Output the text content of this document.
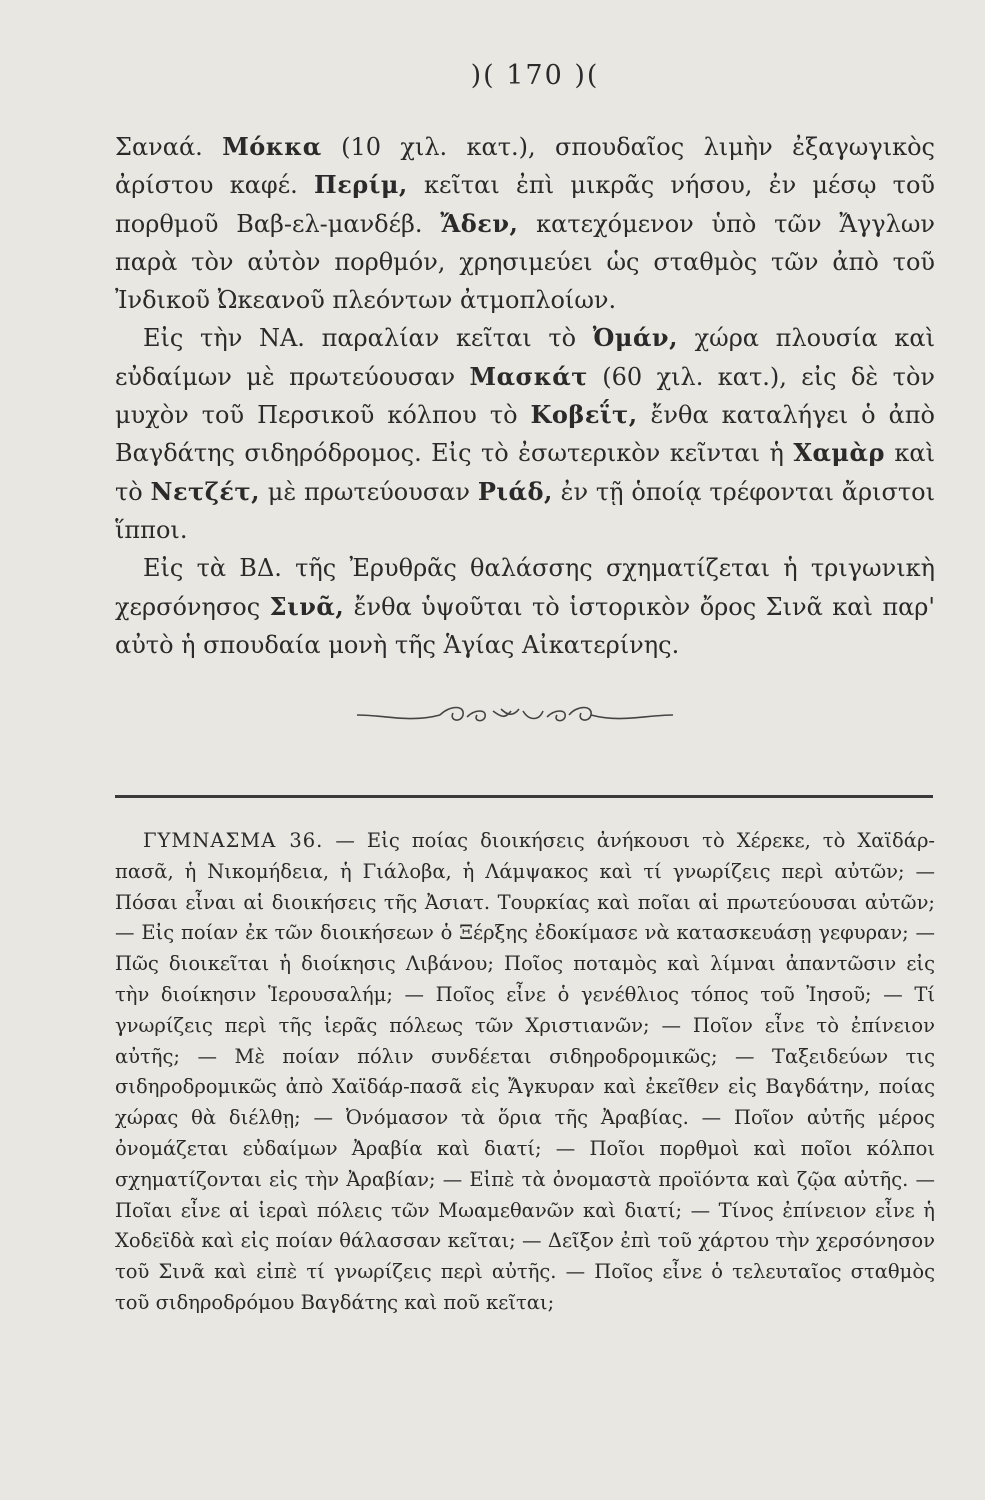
)( 170 )(

Σαναά. Μόκκα (10 χιλ. κατ.), σπουδαῖος λιμὴν ἐξαγωγικὸς ἀρίστου καφέ. Περίμ, κεῖται ἐπὶ μικρᾶς νήσου, ἐν μέσῳ τοῦ πορθμοῦ Βαβ-ελ-μανδέβ. Ἄδεν, κατεχόμενον ὑπὸ τῶν Ἄγγλων παρὰ τὸν αὐτὸν πορθμόν, χρησιμεύει ὡς σταθμὸς τῶν ἀπὸ τοῦ Ἰνδικοῦ Ὠκεανοῦ πλεόντων ἀτμοπλοίων.

Εἰς τὴν ΝΑ. παραλίαν κεῖται τὸ Ὀμάν, χώρα πλουσία καὶ εὐδαίμων μὲ πρωτεύουσαν Μασκάτ (60 χιλ. κατ.), εἰς δὲ τὸν μυχὸν τοῦ Περσικοῦ κόλπου τὸ Κοβεΐτ, ἔνθα καταλήγει ὁ ἀπὸ Βαγδάτης σιδηρόδρομος. Εἰς τὸ ἐσωτερικὸν κεῖνται ἡ Χαμὰρ καὶ τὸ Νετζέτ, μὲ πρωτεύουσαν Ριάδ, ἐν τῇ ὁποίᾳ τρέφονται ἄριστοι ἵπποι.

Εἰς τὰ ΒΔ. τῆς Ἐρυθρᾶς θαλάσσης σχηματίζεται ἡ τριγωνικὴ χερσόνησος Σινᾶ, ἔνθα ὑψοῦται τὸ ἱστορικὸν ὄρος Σινᾶ καὶ παρ' αὐτὸ ἡ σπουδαία μονὴ τῆς Ἁγίας Αἰκατερίνης.

ΓΥΜΝΑΣΜΑ 36. — Εἰς ποίας διοικήσεις ἀνήκουσι τὸ Χέρεκε, τὸ Χαϊδάρ-πασᾶ, ἡ Νικομήδεια, ἡ Γιάλοβα, ἡ Λάμψακος καὶ τί γνωρίζεις περὶ αὐτῶν; — Πόσαι εἶναι αἱ διοικήσεις τῆς Ἀσιατ. Τουρκίας καὶ ποῖαι αἱ πρωτεύουσαι αὐτῶν; — Εἰς ποίαν ἐκ τῶν διοικήσεων ὁ Ξέρξης ἐδοκίμασε νὰ κατασκευάσῃ γεφυραν; — Πῶς διοικεῖται ἡ διοίκησις Λιβάνου; Ποῖος ποταμὸς καὶ λίμναι ἀπαντῶσιν εἰς τὴν διοίκησιν Ἱερουσαλήμ; — Ποῖος εἶνε ὁ γενέθλιος τόπος τοῦ Ἰησοῦ; — Τί γνωρίζεις περὶ τῆς ἱερᾶς πόλεως τῶν Χριστιανῶν; — Ποῖον εἶνε τὸ ἐπίνειον αὐτῆς; — Μὲ ποίαν πόλιν συνδέεται σιδηροδρομικῶς; — Ταξειδεύων τις σιδηροδρομικῶς ἀπὸ Χαϊδάρ-πασᾶ εἰς Ἄγκυραν καὶ ἐκεῖθεν εἰς Βαγδάτην, ποίας χώρας θὰ διέλθῃ; — Ὀνόμασον τὰ ὅρια τῆς Ἀραβίας. — Ποῖον αὐτῆς μέρος ὀνομάζεται εὐδαίμων Ἀραβία καὶ διατί; — Ποῖοι πορθμοὶ καὶ ποῖοι κόλποι σχηματίζονται εἰς τὴν Ἀραβίαν; — Εἰπὲ τὰ ὀνομαστὰ προϊόντα καὶ ζῷα αὐτῆς. — Ποῖαι εἶνε αἱ ἱεραὶ πόλεις τῶν Μωαμεθανῶν καὶ διατί; — Τίνος ἐπίνειον εἶνε ἡ Χοδεϊδὰ καὶ εἰς ποίαν θάλασσαν κεῖται; — Δεῖξον ἐπὶ τοῦ χάρτου τὴν χερσόνησον τοῦ Σινᾶ καὶ εἰπὲ τί γνωρίζεις περὶ αὐτῆς. — Ποῖος εἶνε ὁ τελευταῖος σταθμὸς τοῦ σιδηροδρόμου Βαγδάτης καὶ ποῦ κεῖται;
